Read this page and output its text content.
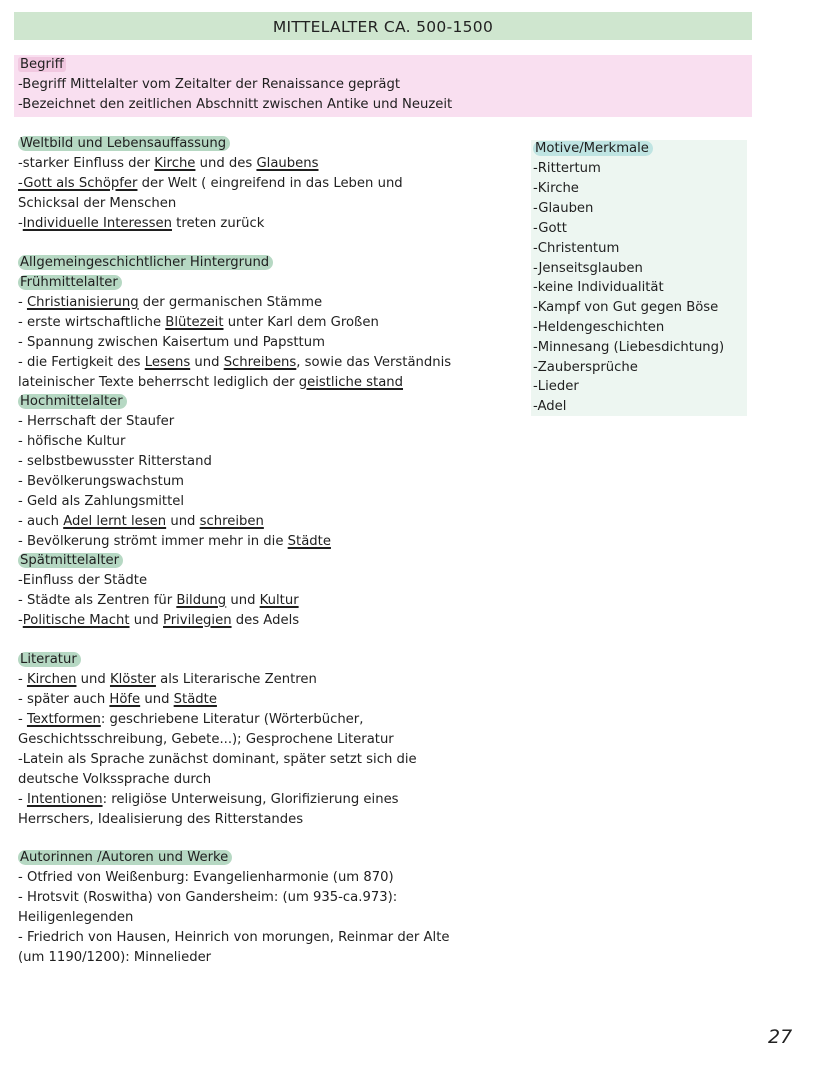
MITTELALTER CA. 500-1500
Begriff
-Begriff Mittelalter vom Zeitalter der Renaissance geprägt
-Bezeichnet den zeitlichen Abschnitt zwischen Antike und Neuzeit
Weltbild und Lebensauffassung
-starker Einfluss der Kirche und des Glaubens
-Gott als Schöpfer der Welt ( eingreifend in das Leben und
Schicksal der Menschen
-Individuelle Interessen treten zurück
Allgemeingeschichtlicher Hintergrund
Frühmittelalter
- Christianisierung der germanischen Stämme
- erste wirtschaftliche Blütezeit unter Karl dem Großen
- Spannung zwischen Kaisertum und Papsttum
- die Fertigkeit des Lesens und Schreibens, sowie das Verständnis
lateinischer Texte beherrscht lediglich der geistliche stand
Hochmittelalter
- Herrschaft der Staufer
- höfische Kultur
- selbstbewusster Ritterstand
- Bevölkerungswachstum
- Geld als Zahlungsmittel
- auch Adel lernt lesen und schreiben
- Bevölkerung strömt immer mehr in die Städte
Spätmittelalter
-Einfluss der Städte
- Städte als Zentren für Bildung und Kultur
-Politische Macht und Privilegien des Adels
Literatur
- Kirchen und Klöster als Literarische Zentren
- später auch Höfe und Städte
- Textformen: geschriebene Literatur (Wörterbücher,
Geschichtsschreibung, Gebete...); Gesprochene Literatur
-Latein als Sprache zunächst dominant, später setzt sich die
deutsche Volkssprache durch
- Intentionen: religiöse Unterweisung, Glorifizierung eines
Herrschers, Idealisierung des Ritterstandes
Autorinnen /Autoren und Werke
- Otfried von Weißenburg: Evangelienharmonie (um 870)
- Hrotsvit (Roswitha) von Gandersheim: (um 935-ca.973):
Heiligenlegenden
- Friedrich von Hausen, Heinrich von morungen, Reinmar der Alte
(um 1190/1200): Minnelieder
Motive/Merkmale
-Rittertum
-Kirche
-Glauben
-Gott
-Christentum
-Jenseitsglauben
-keine Individualität
-Kampf von Gut gegen Böse
-Heldengeschichten
-Minnesang (Liebesdichtung)
-Zaubersprüche
-Lieder
-Adel
27
